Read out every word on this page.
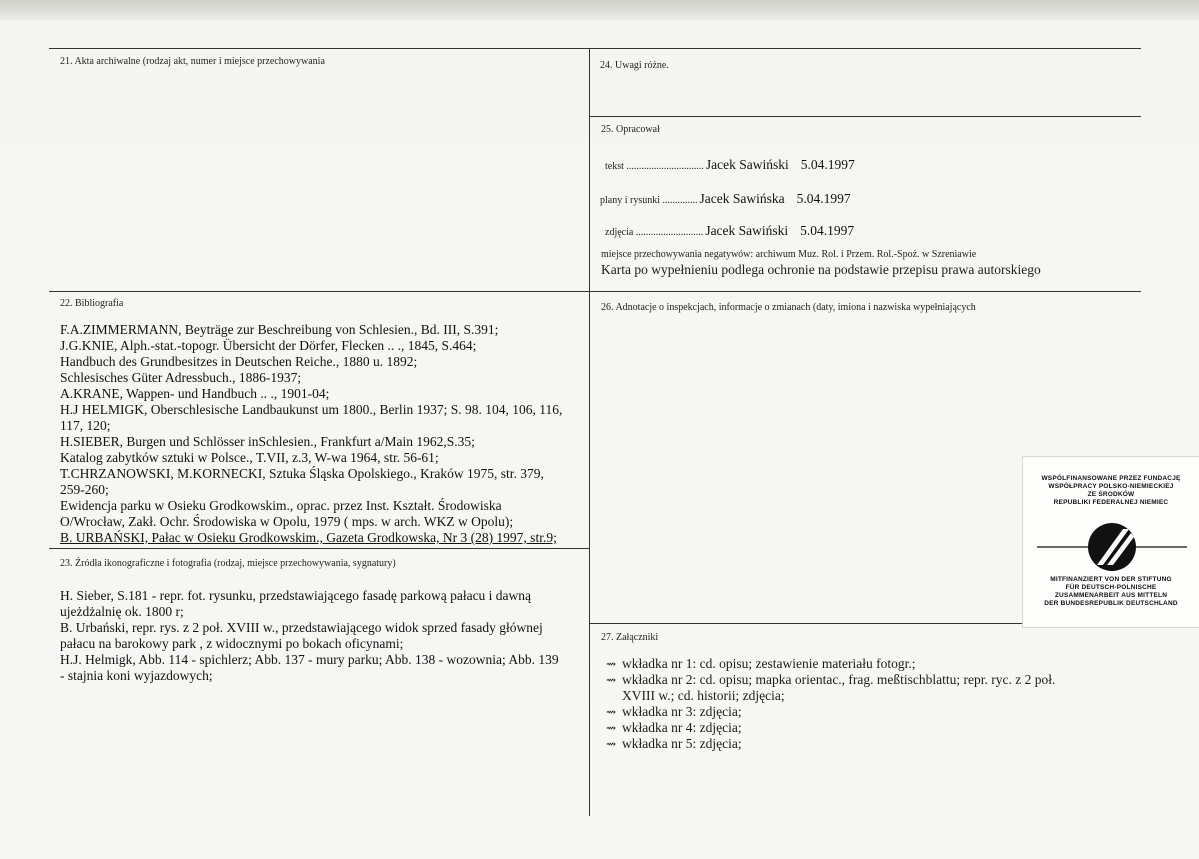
21. Akta archiwalne (rodzaj akt, numer i miejsce przechowywania	24. Uwagi różne.
25. Opracował
tekst ............................... Jacek Sawiński 5.04.1997
plany i rysunki .............. Jacek Sawińska 5.04.1997
zdjęcia ........................... Jacek Sawiński 5.04.1997
miejsce przechowywania negatywów: archiwum Muz. Rol. i Przem. Rol.-Spoż. w Szreniawie
Karta po wypełnieniu podlega ochronie na podstawie przepisu prawa autorskiego
22. Bibliografia
F.A.ZIMMERMANN, Beyträge zur Beschreibung von Schlesien., Bd. III, S.391;
J.G.KNIE, Alph.-stat.-topogr. Übersicht der Dörfer, Flecken .. ., 1845, S.464;
Handbuch des Grundbesitzes in Deutschen Reiche., 1880 u. 1892;
Schlesisches Güter Adressbuch., 1886-1937;
A.KRANE, Wappen- und Handbuch .. ., 1901-04;
H.J HELMIGK, Oberschlesische Landbaukunst um 1800., Berlin 1937; S. 98. 104, 106, 116,
117, 120;
H.SIEBER, Burgen und Schlösser inSchlesien., Frankfurt a/Main 1962,S.35;
Katalog zabytków sztuki w Polsce., T.VII, z.3, W-wa 1964, str. 56-61;
T.CHRZANOWSKI, M.KORNECKI, Sztuka Śląska Opolskiego., Kraków 1975, str. 379,
259-260;
Ewidencja parku w Osieku Grodkowskim., oprac. przez Inst. Kształt. Środowiska
O/Wrocław, Zakł. Ochr. Środowiska w Opolu, 1979 ( mps. w arch. WKZ w Opolu);
B. URBAŃSKI, Pałac w Osieku Grodkowskim., Gazeta Grodkowska, Nr 3 (28) 1997, str.9;
26. Adnotacje o inspekcjach, informacje o zmianach (daty, imiona i nazwiska wypełniających
23. Źródła ikonograficzne i fotografia (rodzaj, miejsce przechowywania, sygnatury)
H. Sieber, S.181 - repr. fot. rysunku, przedstawiającego fasadę parkową pałacu i dawną
ujeżdżalnię ok. 1800 r;
B. Urbański, repr. rys. z 2 poł. XVIII w., przedstawiającego widok sprzed fasady głównej
pałacu na barokowy park , z widocznymi po bokach oficynami;
H.J. Helmigk, Abb. 114 - spichlerz; Abb. 137 - mury parku; Abb. 138 - wozownia; Abb. 139
- stajnia koni wyjazdowych;
27. Załączniki
⇝ wkładka nr 1: cd. opisu; zestawienie materiału fotogr.;
⇝ wkładka nr 2: cd. opisu; mapka orientac., frag. meßtischblattu; repr. ryc. z 2 poł.
XVIII w.; cd. historii; zdjęcia;
⇝ wkładka nr 3: zdjęcia;
⇝ wkładka nr 4: zdjęcia;
⇝ wkładka nr 5: zdjęcia;
WSPÓLFINANSOWANE PRZEZ FUNDACJĘ
WSPÓŁPRACY POLSKO-NIEMIECKIEJ
ZE ŚRODKÓW
REPUBLIKI FEDERALNEJ NIEMIEC
MITFINANZIERT VON DER STIFTUNG
FÜR DEUTSCH-POLNISCHE
ZUSAMMENARBEIT AUS MITTELN
DER BUNDESREPUBLIK DEUTSCHLAND
